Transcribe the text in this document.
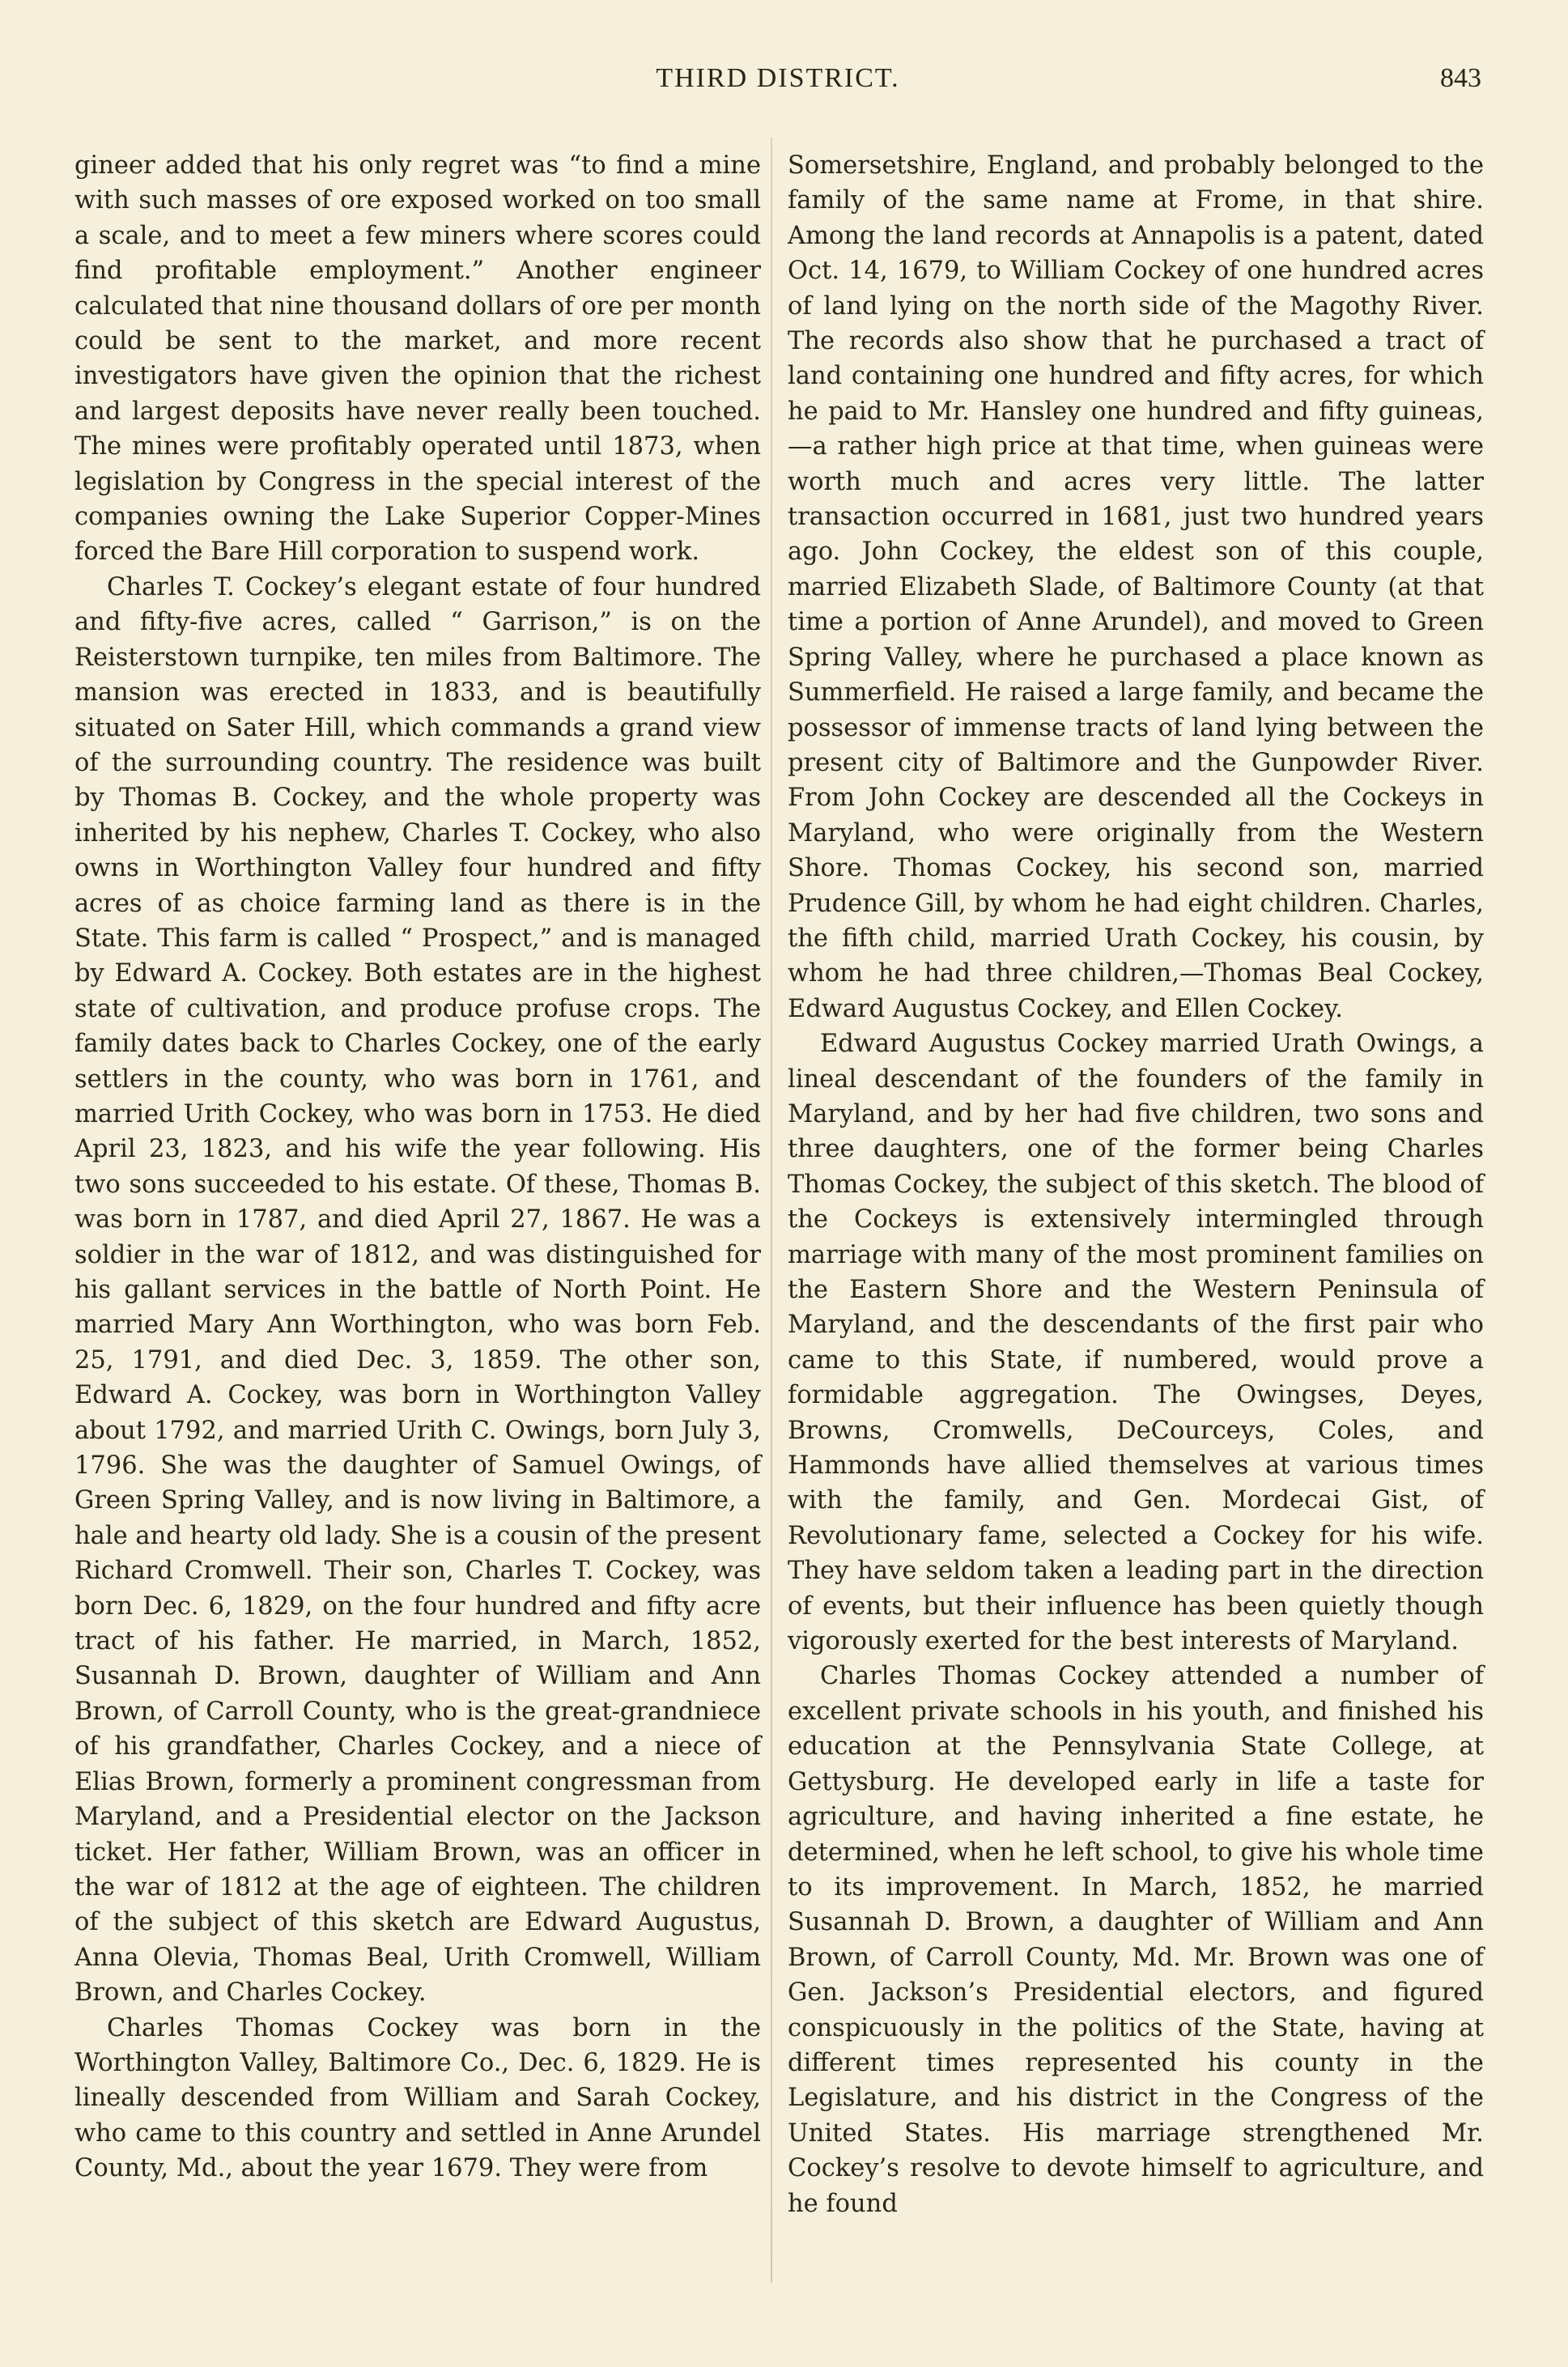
THIRD DISTRICT.	843

gineer added that his only regret was “to find a mine with such masses of ore exposed worked on too small a scale, and to meet a few miners where scores could find profitable employment.” Another engineer calculated that nine thousand dollars of ore per month could be sent to the market, and more recent investigators have given the opinion that the richest and largest deposits have never really been touched. The mines were profitably operated until 1873, when legislation by Congress in the special interest of the companies owning the Lake Superior Copper-Mines forced the Bare Hill corporation to suspend work.

Charles T. Cockey’s elegant estate of four hundred and fifty-five acres, called “ Garrison,” is on the Reisterstown turnpike, ten miles from Baltimore. The mansion was erected in 1833, and is beautifully situated on Sater Hill, which commands a grand view of the surrounding country. The residence was built by Thomas B. Cockey, and the whole property was inherited by his nephew, Charles T. Cockey, who also owns in Worthington Valley four hundred and fifty acres of as choice farming land as there is in the State. This farm is called “ Prospect,” and is managed by Edward A. Cockey. Both estates are in the highest state of cultivation, and produce profuse crops. The family dates back to Charles Cockey, one of the early settlers in the county, who was born in 1761, and married Urith Cockey, who was born in 1753. He died April 23, 1823, and his wife the year following. His two sons succeeded to his estate. Of these, Thomas B. was born in 1787, and died April 27, 1867. He was a soldier in the war of 1812, and was distinguished for his gallant services in the battle of North Point. He married Mary Ann Worthington, who was born Feb. 25, 1791, and died Dec. 3, 1859. The other son, Edward A. Cockey, was born in Worthington Valley about 1792, and married Urith C. Owings, born July 3, 1796. She was the daughter of Samuel Owings, of Green Spring Valley, and is now living in Baltimore, a hale and hearty old lady. She is a cousin of the present Richard Cromwell. Their son, Charles T. Cockey, was born Dec. 6, 1829, on the four hundred and fifty acre tract of his father. He married, in March, 1852, Susannah D. Brown, daughter of William and Ann Brown, of Carroll County, who is the great-grandniece of his grandfather, Charles Cockey, and a niece of Elias Brown, formerly a prominent congressman from Maryland, and a Presidential elector on the Jackson ticket. Her father, William Brown, was an officer in the war of 1812 at the age of eighteen. The children of the subject of this sketch are Edward Augustus, Anna Olevia, Thomas Beal, Urith Cromwell, William Brown, and Charles Cockey.

Charles Thomas Cockey was born in the Worthington Valley, Baltimore Co., Dec. 6, 1829. He is lineally descended from William and Sarah Cockey, who came to this country and settled in Anne Arundel County, Md., about the year 1679. They were from

Somersetshire, England, and probably belonged to the family of the same name at Frome, in that shire. Among the land records at Annapolis is a patent, dated Oct. 14, 1679, to William Cockey of one hundred acres of land lying on the north side of the Magothy River. The records also show that he purchased a tract of land containing one hundred and fifty acres, for which he paid to Mr. Hansley one hundred and fifty guineas,—a rather high price at that time, when guineas were worth much and acres very little. The latter transaction occurred in 1681, just two hundred years ago. John Cockey, the eldest son of this couple, married Elizabeth Slade, of Baltimore County (at that time a portion of Anne Arundel), and moved to Green Spring Valley, where he purchased a place known as Summerfield. He raised a large family, and became the possessor of immense tracts of land lying between the present city of Baltimore and the Gunpowder River. From John Cockey are descended all the Cockeys in Maryland, who were originally from the Western Shore. Thomas Cockey, his second son, married Prudence Gill, by whom he had eight children. Charles, the fifth child, married Urath Cockey, his cousin, by whom he had three children,—Thomas Beal Cockey, Edward Augustus Cockey, and Ellen Cockey.

Edward Augustus Cockey married Urath Owings, a lineal descendant of the founders of the family in Maryland, and by her had five children, two sons and three daughters, one of the former being Charles Thomas Cockey, the subject of this sketch. The blood of the Cockeys is extensively intermingled through marriage with many of the most prominent families on the Eastern Shore and the Western Peninsula of Maryland, and the descendants of the first pair who came to this State, if numbered, would prove a formidable aggregation. The Owingses, Deyes, Browns, Cromwells, DeCourceys, Coles, and Hammonds have allied themselves at various times with the family, and Gen. Mordecai Gist, of Revolutionary fame, selected a Cockey for his wife. They have seldom taken a leading part in the direction of events, but their influence has been quietly though vigorously exerted for the best interests of Maryland.

Charles Thomas Cockey attended a number of excellent private schools in his youth, and finished his education at the Pennsylvania State College, at Gettysburg. He developed early in life a taste for agriculture, and having inherited a fine estate, he determined, when he left school, to give his whole time to its improvement. In March, 1852, he married Susannah D. Brown, a daughter of William and Ann Brown, of Carroll County, Md. Mr. Brown was one of Gen. Jackson’s Presidential electors, and figured conspicuously in the politics of the State, having at different times represented his county in the Legislature, and his district in the Congress of the United States. His marriage strengthened Mr. Cockey’s resolve to devote himself to agriculture, and he found
